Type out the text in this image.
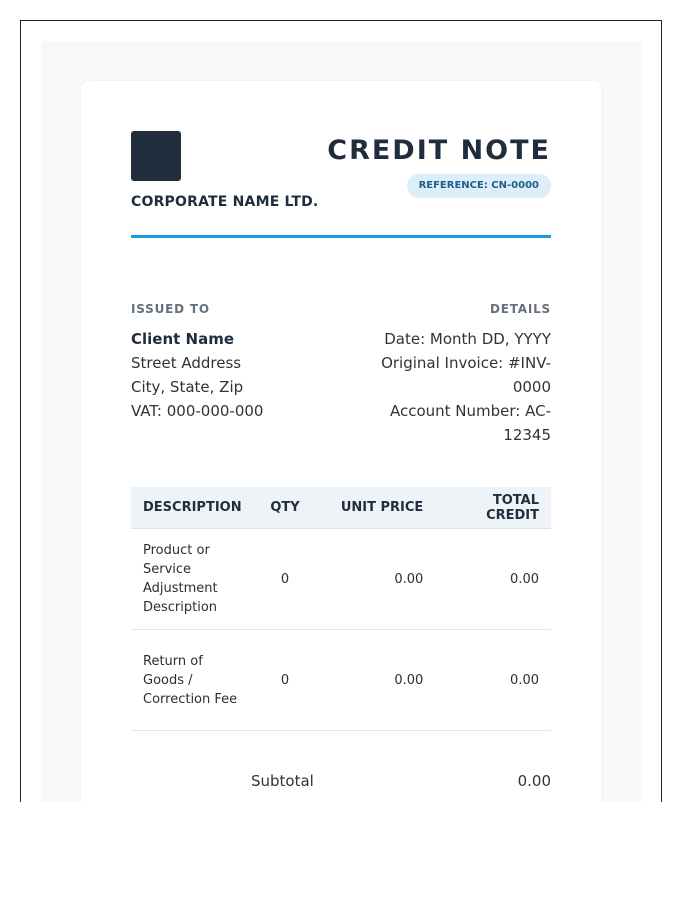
CORPORATE NAME LTD.
CREDIT NOTE
REFERENCE: CN-0000
ISSUED TO	DETAILS
Client Name
Street Address
City, State, Zip
VAT: 000-000-000
Date: Month DD, YYYY
Original Invoice: #INV-0000
Account Number: AC-12345
DESCRIPTION	QTY	UNIT PRICE	TOTAL CREDIT
Product or Service Adjustment Description	0	0.00	0.00
Return of Goods / Correction Fee	0	0.00	0.00
Subtotal	0.00
